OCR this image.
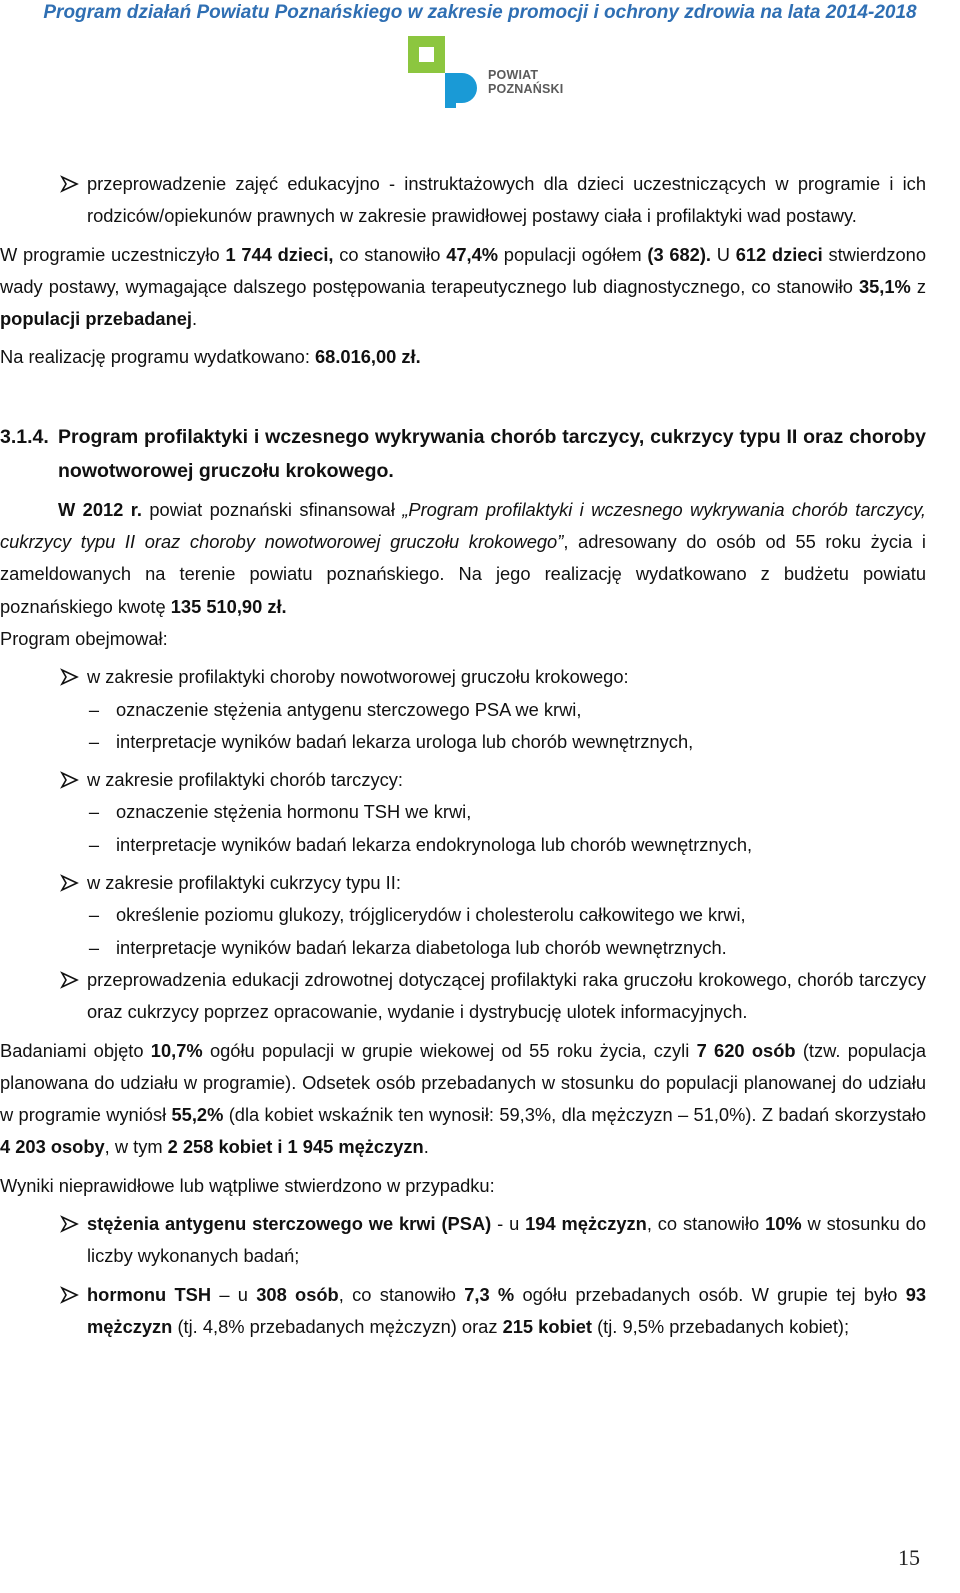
Program działań Powiatu Poznańskiego w zakresie promocji i ochrony zdrowia na lata 2014-2018
POWIAT
POZNAŃSKI

przeprowadzenie zajęć edukacyjno - instruktażowych dla dzieci uczestniczących w programie i ich rodziców/opiekunów prawnych w zakresie prawidłowej postawy ciała i profilaktyki wad postawy.

W programie uczestniczyło 1 744 dzieci, co stanowiło 47,4% populacji ogółem (3 682). U 612 dzieci stwierdzono wady postawy, wymagające dalszego postępowania terapeutycznego lub diagnostycznego, co stanowiło 35,1% z populacji przebadanej.

Na realizację programu wydatkowano: 68.016,00 zł.

3.1.4. Program profilaktyki i wczesnego wykrywania chorób tarczycy, cukrzycy typu II oraz choroby nowotworowej gruczołu krokowego.

W 2012 r. powiat poznański sfinansował „Program profilaktyki i wczesnego wykrywania chorób tarczycy, cukrzycy typu II oraz choroby nowotworowej gruczołu krokowego”, adresowany do osób od 55 roku życia i zameldowanych na terenie powiatu poznańskiego. Na jego realizację wydatkowano z budżetu powiatu poznańskiego kwotę 135 510,90 zł.

Program obejmował:

w zakresie profilaktyki choroby nowotworowej gruczołu krokowego:

– oznaczenie stężenia antygenu sterczowego PSA we krwi,

– interpretacje wyników badań lekarza urologa lub chorób wewnętrznych,

w zakresie profilaktyki chorób tarczycy:

– oznaczenie stężenia hormonu TSH we krwi,

– interpretacje wyników badań lekarza endokrynologa lub chorób wewnętrznych,

w zakresie profilaktyki cukrzycy typu II:

– określenie poziomu glukozy, trójglicerydów i cholesterolu całkowitego we krwi,

– interpretacje wyników badań lekarza diabetologa lub chorób wewnętrznych.

przeprowadzenia edukacji zdrowotnej dotyczącej profilaktyki raka gruczołu krokowego, chorób tarczycy oraz cukrzycy poprzez opracowanie, wydanie i dystrybucję ulotek informacyjnych.

Badaniami objęto 10,7% ogółu populacji w grupie wiekowej od 55 roku życia, czyli 7 620 osób (tzw. populacja planowana do udziału w programie). Odsetek osób przebadanych w stosunku do populacji planowanej do udziału w programie wyniósł 55,2% (dla kobiet wskaźnik ten wynosił: 59,3%, dla mężczyzn – 51,0%). Z badań skorzystało 4 203 osoby, w tym 2 258 kobiet i 1 945 mężczyzn.

Wyniki nieprawidłowe lub wątpliwe stwierdzono w przypadku:

stężenia antygenu sterczowego we krwi (PSA) - u 194 mężczyzn, co stanowiło 10% w stosunku do liczby wykonanych badań;

hormonu TSH – u 308 osób, co stanowiło 7,3 % ogółu przebadanych osób. W grupie tej było 93 mężczyzn (tj. 4,8% przebadanych mężczyzn) oraz 215 kobiet (tj. 9,5% przebadanych kobiet);

15
